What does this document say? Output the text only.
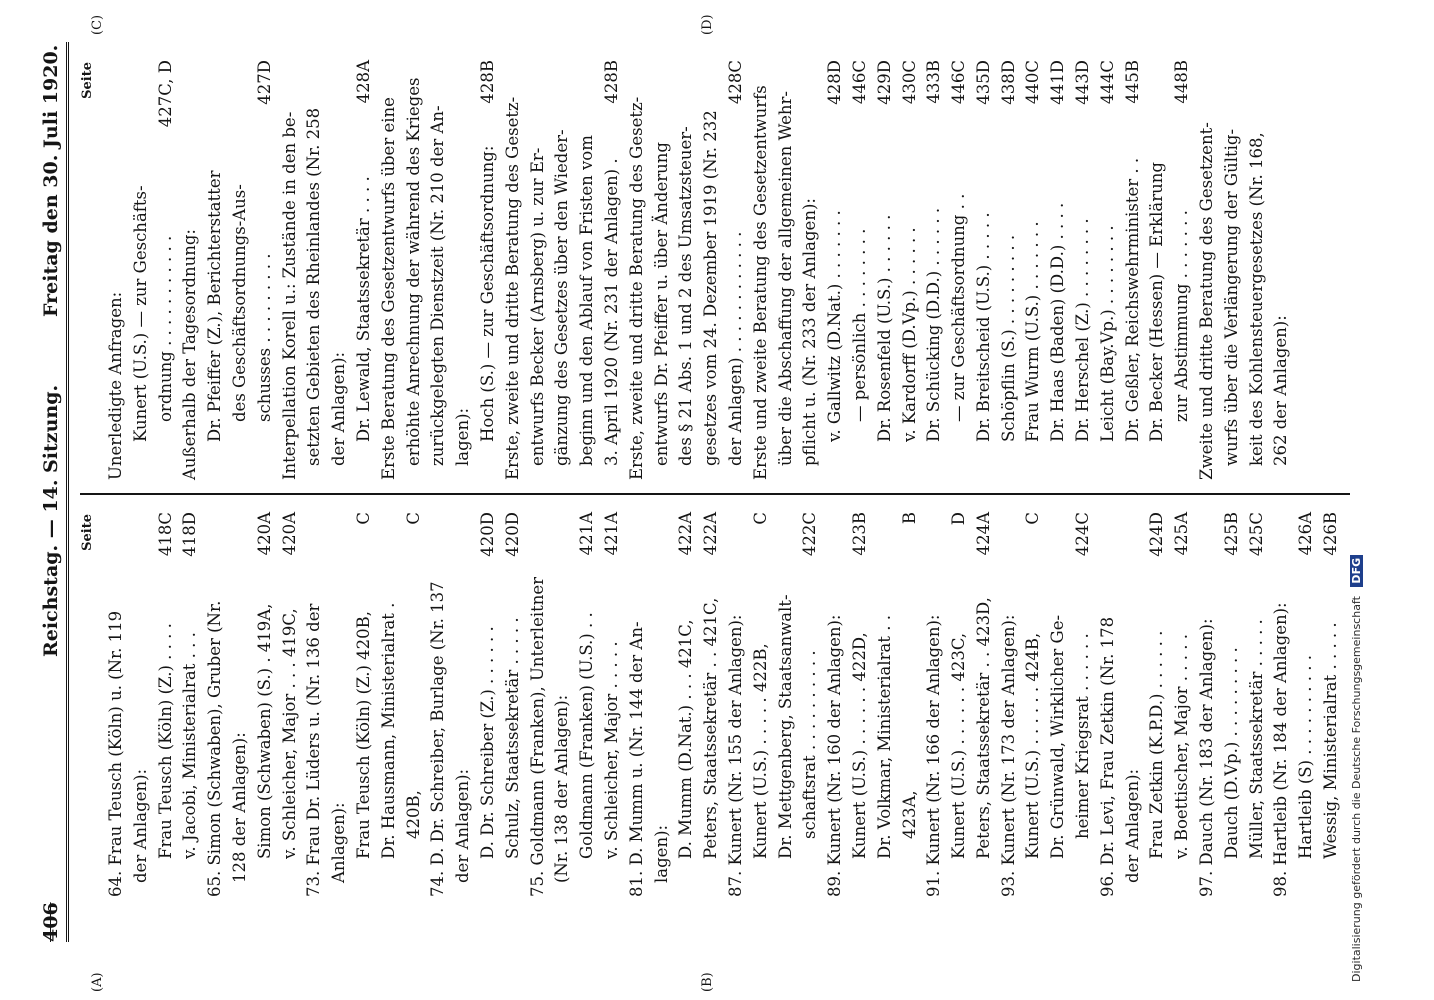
406
Reichstag. — 14. Sitzung.
Freitag den 30. Juli 1920.
(A)	(B)
(C)	(D)
Seite
64. Frau Teusch (Köln) u. (Nr. 119 der Anlagen): Frau Teusch (Köln) (Z.) . . . .
418C
v. Jacobi, Ministerialrat . . .
418D
65. Simon (Schwaben), Gruber (Nr. 128 der Anlagen): Simon (Schwaben) (S.) . 419A,
420A
v. Schleicher, Major . . . 419C,
420A
73. Frau Dr. Lüders u. (Nr. 136 der Anlagen): Frau Teusch (Köln) (Z.) 420B,
C
Dr. Hausmann, Ministerialrat . 420B,
C
74. D. Dr. Schreiber, Burlage (Nr. 137 der Anlagen): D. Dr. Schreiber (Z.) . . . . . .
420D
Schulz, Staatssekretär . . . . .
420D
75. Goldmann (Franken), Unterleitner (Nr. 138 der Anlagen): Goldmann (Franken) (U.S.) . .
421A
v. Schleicher, Major . . . . .
421A
81. D. Mumm u. (Nr. 144 der An- lagen): D. Mumm (D.Nat.) . . . 421C,
422A
Peters, Staatssekretär . . 421C,
422A
87. Kunert (Nr. 155 der Anlagen): Kunert (U.S.) . . . . . 422B,
C
Dr. Mettgenberg, Staatsanwalt- schaftsrat . . . . . . . . . .
422C
89. Kunert (Nr. 160 der Anlagen): Kunert (U.S.) . . . . . . 422D,
423B
Dr. Volkmar, Ministerialrat . . 423A,
B
91. Kunert (Nr. 166 der Anlagen): Kunert (U.S.) . . . . . . 423C,
D
Peters, Staatssekretär . . 423D,
424A
93. Kunert (Nr. 173 der Anlagen): Kunert (U.S.) . . . . . . 424B,
C
Dr. Grünwald, Wirklicher Ge- heimer Kriegsrat . . . . . .
424C
96. Dr. Levi, Frau Zetkin (Nr. 178 der Anlagen): Frau Zetkin (K.P.D.) . . . . . .
424D
v. Boettischer, Major . . . . .
425A
97. Dauch (Nr. 183 der Anlagen): Dauch (D.Vp.) . . . . . . . . .
425B
Müller, Staatssekretär . . . . .
425C
98. Hartleib (Nr. 184 der Anlagen): Hartleib (S) . . . . . . . . . .
426A
Wessig, Ministerialrat . . . . .
426B
Seite
Unerledigte Anfragen: Kunert (U.S.) — zur Geschäfts- ordnung . . . . . . . . . . .
427C, D
Außerhalb der Tagesordnung: Dr. Pfeiffer (Z.), Berichterstatter des Geschäftsordnungs-Aus- schusses . . . . . . . . .
427D
Interpellation Korell u.: Zustände in den be- setzten Gebieten des Rheinlandes (Nr. 258 der Anlagen): Dr. Lewald, Staatssekretär . . . .
428A
Erste Beratung des Gesetzentwurfs über eine erhöhte Anrechnung der während des Krieges zurückgelegten Dienstzeit (Nr. 210 der An- lagen): Hoch (S.) — zur Geschäftsordnung:
428B
Erste, zweite und dritte Beratung des Gesetz- entwurfs Becker (Arnsberg) u. zur Er- gänzung des Gesetzes über den Wieder- beginn und den Ablauf von Fristen vom 3. April 1920 (Nr. 231 der Anlagen) .
428B
Erste, zweite und dritte Beratung des Gesetz- entwurfs Dr. Pfeiffer u. über Änderung des § 21 Abs. 1 und 2 des Umsatzsteuer- gesetzes vom 24. Dezember 1919 (Nr. 232 der Anlagen) . . . . . . . . . . . .
428C
Erste und zweite Beratung des Gesetzentwurfs über die Abschaffung der allgemeinen Wehr- pflicht u. (Nr. 233 der Anlagen): v. Gallwitz (D.Nat.) . . . . . . .
428D
— persönlich . . . . . . . .
446C
Dr. Rosenfeld (U.S.) . . . . . .
429D
v. Kardorff (D.Vp.) . . . . . .
430C
Dr. Schücking (D.D.) . . . . . .
433B
— zur Geschäftsordnung . .
446C
Dr. Breitscheid (U.S.) . . . . .
435D
Schöpflin (S.) . . . . . . . . .
438D
Frau Wurm (U.S.) . . . . . . .
440C
Dr. Haas (Baden) (D.D.) . . . .
441D
Dr. Herschel (Z.) . . . . . . . .
443D
Leicht (Bay.Vp.) . . . . . . . .
444C
Dr. Geßler, Reichswehrminister . .
445B
Dr. Becker (Hessen) — Erklärung zur Abstimmung . . . . . . .
448B
Zweite und dritte Beratung des Gesetzent- wurfs über die Verlängerung der Gültig- keit des Kohlensteuergesetzes (Nr. 168, 262 der Anlagen):
Digitalisierung gefördert durch die Deutsche Forschungsgemeinschaft DFG
